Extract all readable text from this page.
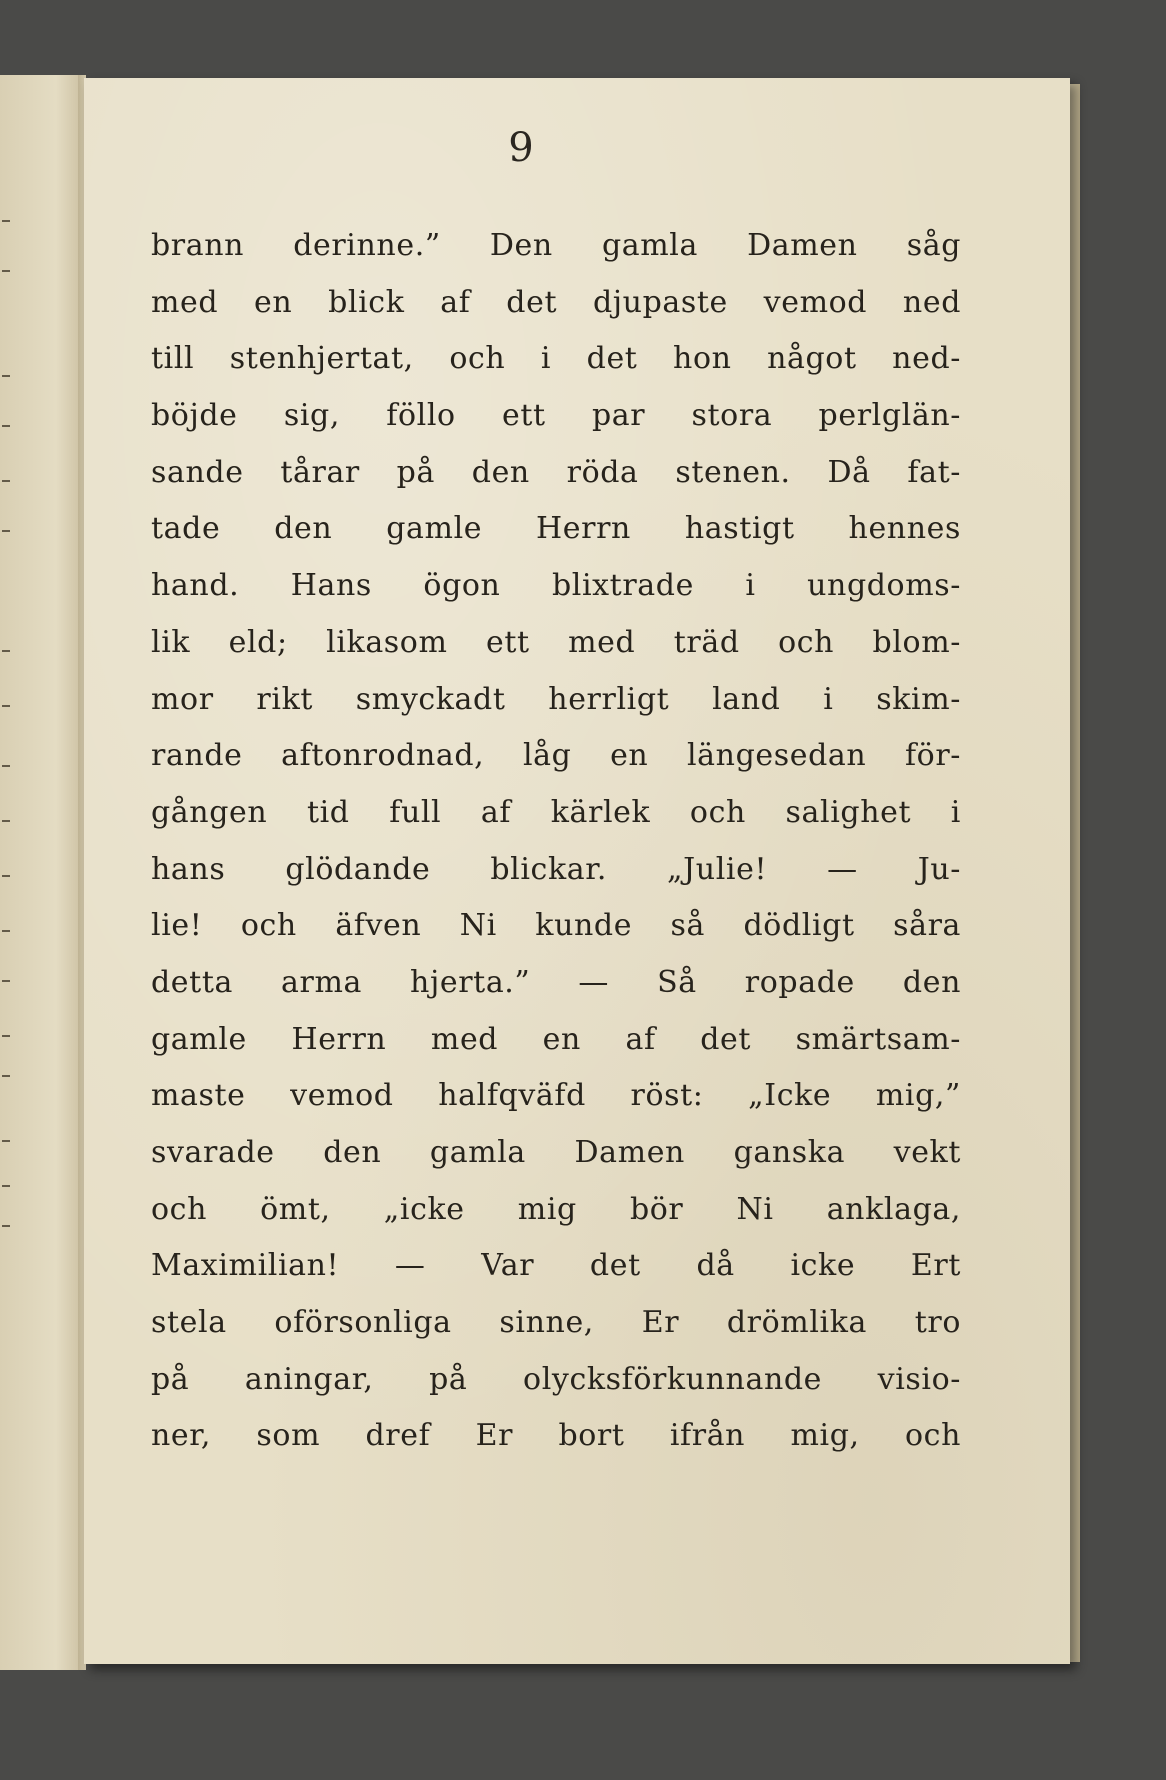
9
brann derinne.” Den gamla Damen såg
med en blick af det djupaste vemod ned
till stenhjertat, och i det hon något ned-
böjde sig, föllo ett par stora perlglän-
sande tårar på den röda stenen. Då fat-
tade den gamle Herrn hastigt hennes
hand. Hans ögon blixtrade i ungdoms-
lik eld; likasom ett med träd och blom-
mor rikt smyckadt herrligt land i skim-
rande aftonrodnad, låg en längesedan för-
gången tid full af kärlek och salighet i
hans glödande blickar. „Julie! — Ju-
lie! och äfven Ni kunde så dödligt såra
detta arma hjerta.” — Så ropade den
gamle Herrn med en af det smärtsam-
maste vemod halfqväfd röst: „Icke mig,”
svarade den gamla Damen ganska vekt
och ömt, „icke mig bör Ni anklaga,
Maximilian! — Var det då icke Ert
stela oförsonliga sinne, Er drömlika tro
på aningar, på olycksförkunnande visio-
ner, som dref Er bort ifrån mig, och
